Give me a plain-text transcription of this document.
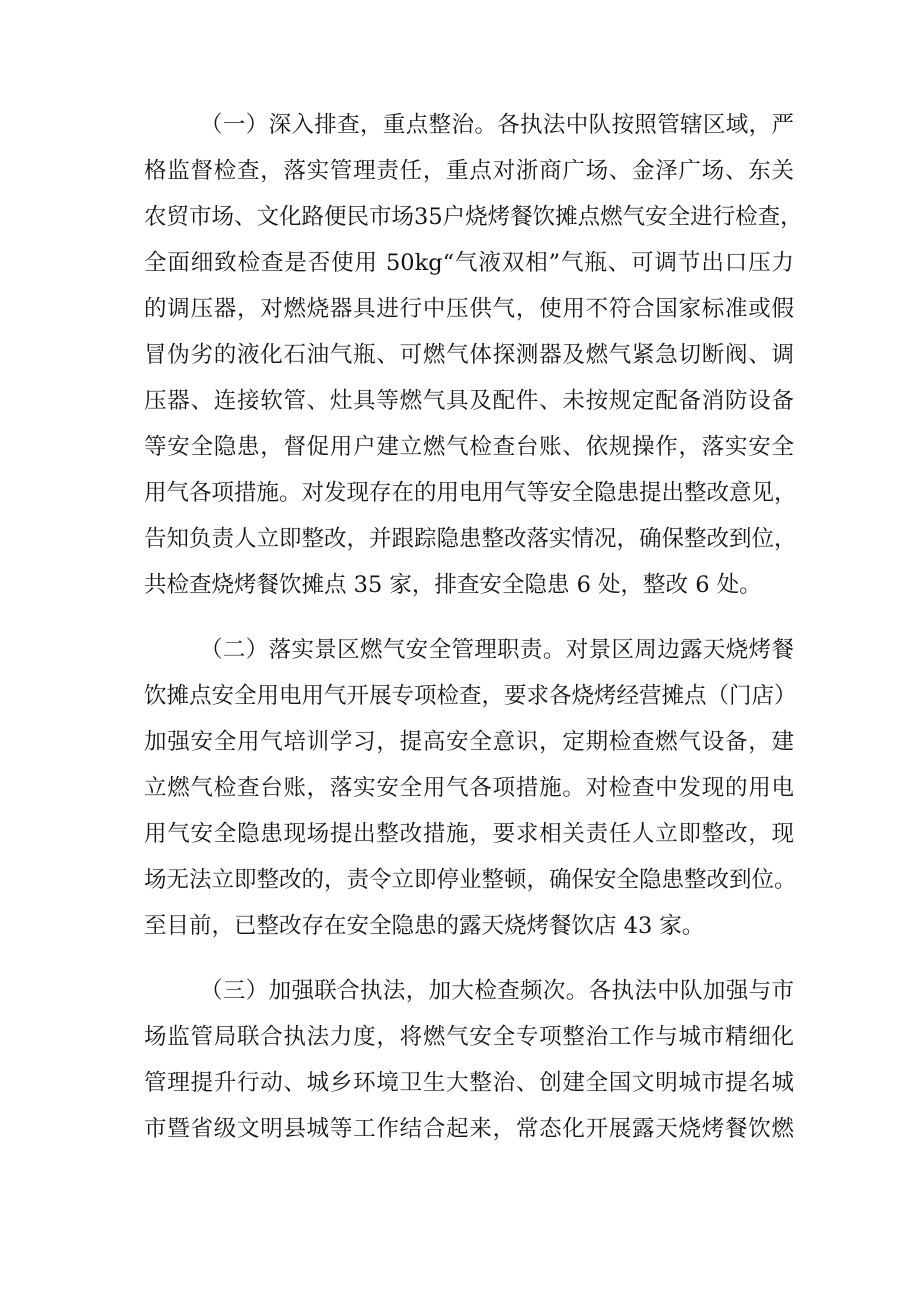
（一）深入排查，重点整治。各执法中队按照管辖区域，严
格监督检查，落实管理责任，重点对浙商广场、金泽广场、东关
农贸市场、文化路便民市场35户烧烤餐饮摊点燃气安全进行检查，
全面细致检查是否使用 50kg“气液双相”气瓶、可调节出口压力
的调压器，对燃烧器具进行中压供气，使用不符合国家标准或假
冒伪劣的液化石油气瓶、可燃气体探测器及燃气紧急切断阀、调
压器、连接软管、灶具等燃气具及配件、未按规定配备消防设备
等安全隐患，督促用户建立燃气检查台账、依规操作，落实安全
用气各项措施。对发现存在的用电用气等安全隐患提出整改意见，
告知负责人立即整改，并跟踪隐患整改落实情况，确保整改到位，
共检查烧烤餐饮摊点 35 家，排查安全隐患 6 处，整改 6 处。
（二）落实景区燃气安全管理职责。对景区周边露天烧烤餐
饮摊点安全用电用气开展专项检查，要求各烧烤经营摊点（门店）
加强安全用气培训学习，提高安全意识，定期检查燃气设备，建
立燃气检查台账，落实安全用气各项措施。对检查中发现的用电
用气安全隐患现场提出整改措施，要求相关责任人立即整改，现
场无法立即整改的，责令立即停业整顿，确保安全隐患整改到位。
至目前，已整改存在安全隐患的露天烧烤餐饮店 43 家。
（三）加强联合执法，加大检查频次。各执法中队加强与市
场监管局联合执法力度，将燃气安全专项整治工作与城市精细化
管理提升行动、城乡环境卫生大整治、创建全国文明城市提名城
市暨省级文明县城等工作结合起来，常态化开展露天烧烤餐饮燃
